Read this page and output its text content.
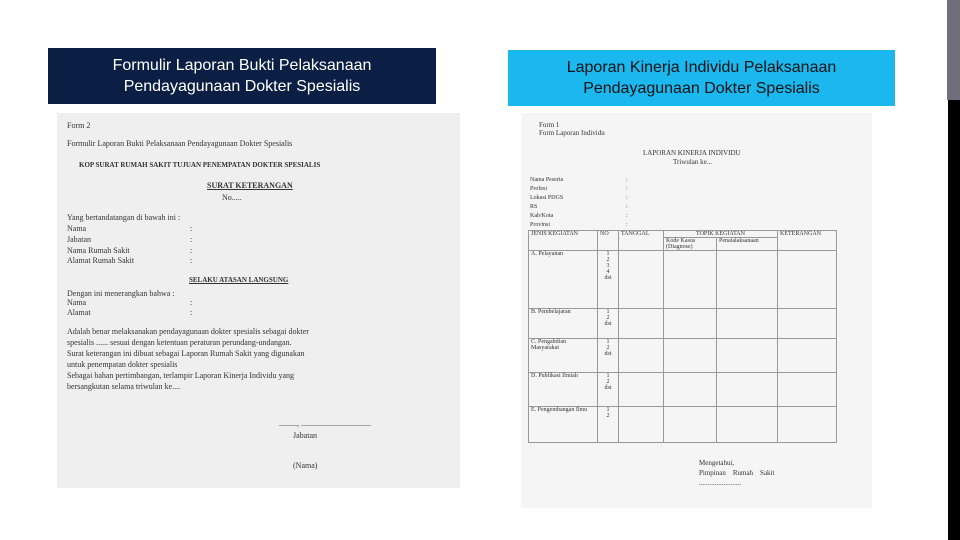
Formulir Laporan Bukti Pelaksanaan
Pendayagunaan Dokter Spesialis
Laporan Kinerja Individu Pelaksanaan
Pendayagunaan Dokter Spesialis
Form 2
Formulir Laporan Bukti Pelaksanaan Pendayagunaan Dokter Spesialis
KOP SURAT RUMAH SAKIT TUJUAN PENEMPATAN DOKTER SPESIALIS
SURAT KETERANGAN
No.....
Yang bertandatangan di bawah ini :
Nama	:
Jabatan	:
Nama Rumah Sakit	:
Alamat Rumah Sakit	:
SELAKU ATASAN LANGSUNG
Dengan ini menerangkan bahwa :
Nama	:
Alamat	:
Adalah benar melaksanakan pendayagunaan dokter spesialis sebagai dokter
spesialis ...... sesuai dengan ketentuan peraturan perundang-undangan.
Surat keterangan ini dibuat sebagai Laporan Rumah Sakit yang digunakan
untuk penempatan dokter spesialis
Sebagai bahan pertimbangan, terlampir Laporan Kinerja Individu yang
bersangkutan selama triwulan ke....
........., ...................................
Jabatan
(Nama)
Form 1
Form Laporan Individu
LAPORAN KINERJA INDIVIDU
Triwulan ke...
Nama Peserta	:
Profesi	:
Lokasi PDGS	:
RS	:
Kab/Kota	:
Provinsi	:
JENIS KEGIATAN	NO	TANGGAL	TOPIK KEGIATAN		KETERANGAN
			Kode Kasus (Diagnose)	Penatalaksanaan	
A. Pelayanan	1
2
3
4
dst				
B. Pembelajaran	1
2
dst				
C. Pengabdian Masyarakat	1
2
dst				
D. Publikasi Ilmiah	1
2
dst				
E. Pengembangan Ilmu	1
2				
Mengetahui,
Pimpinan    Rumah    Sakit
........................
